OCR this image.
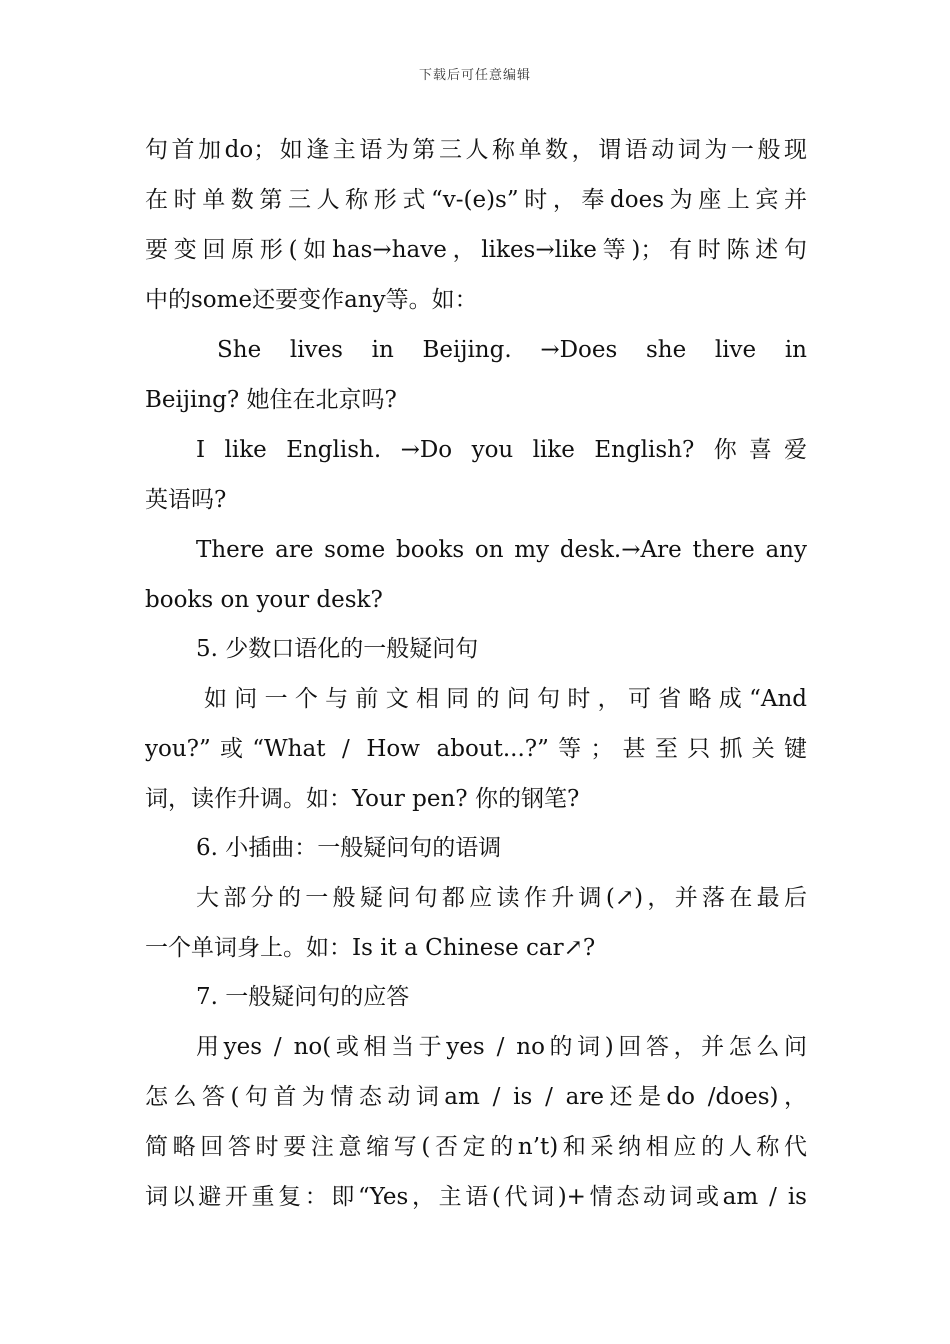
下载后可任意编辑
句首加do；如逢主语为第三人称单数，谓语动词为一般现
在时单数第三人称形式“v-(e)s”时，奉does为座上宾并
要变回原形(如has→have，likes→like等)；有时陈述句
中的some还要变作any等。如：
She lives in Beijing. →Does she live in
Beijing? 她住在北京吗?
I like English. →Do you like English? 你喜爱
英语吗?
There are some books on my desk.→Are there any
books on your desk?
5. 少数口语化的一般疑问句
如问一个与前文相同的问句时，可省略成“And
you?”或“What / How about...?”等；甚至只抓关键
词，读作升调。如：Your pen? 你的钢笔?
6. 小插曲：一般疑问句的语调
大部分的一般疑问句都应读作升调(↗)，并落在最后
一个单词身上。如：Is it a Chinese car↗?
7. 一般疑问句的应答
用yes / no(或相当于yes / no的词)回答，并怎么问
怎么答(句首为情态动词am / is / are还是do /does)，
简略回答时要注意缩写(否定的n’t)和采纳相应的人称代
词以避开重复：即“Yes，主语(代词)+情态动词或am / is
